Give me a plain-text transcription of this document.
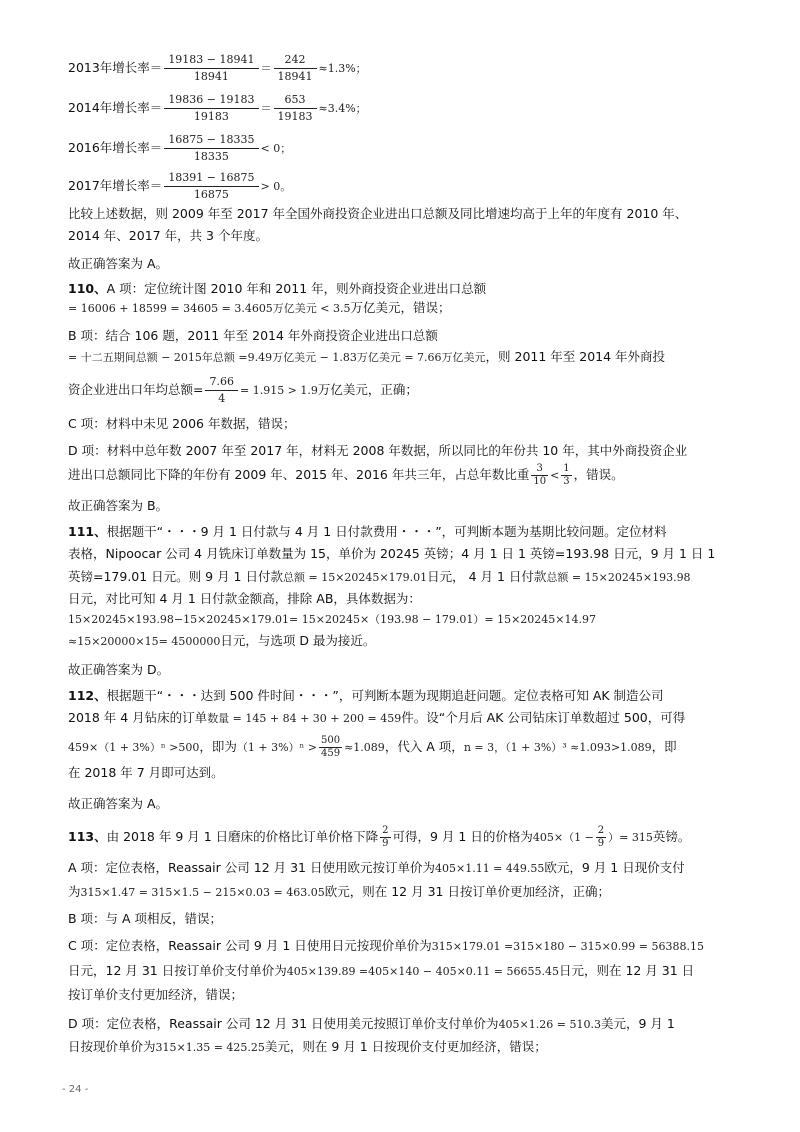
2013年增长率＝ $\frac{19183 - 18941}{18941} = \frac{242}{18941} \approx 1.3\%$；
2014年增长率＝ $\frac{19836 - 19183}{19183} = \frac{653}{19183} \approx 3.4\%$；
2016年增长率＝ $\frac{16875 - 18335}{18335} < 0$；
2017年增长率＝ $\frac{18391 - 16875}{16875} > 0$。
比较上述数据，则 2009 年至 2017 年全国外商投资企业进出口总额及同比增速均高于上年的年度有 2010 年、
2014 年、2017 年，共 3 个年度。
故正确答案为 A。
110、A 项：定位统计图 2010 年和 2011 年，则外商投资企业进出口总额
= 16006 + 18599 = 34605 = 3.4605万亿美元 < 3.5万亿美元，错误；
B 项：结合 106 题，2011 年至 2014 年外商投资企业进出口总额
= 十二五期间总额 − 2015年总额 =9.49万亿美元 − 1.83万亿美元 = 7.66万亿美元，则 2011 年至 2014 年外商投
资企业进出口年均总额= $\frac{7.66}{4} = 1.915 > 1.9$万亿美元，正确；
C 项：材料中未见 2006 年数据，错误；
D 项：材料中总年数 2007 年至 2017 年，材料无 2008 年数据，所以同比的年份共 10 年，其中外商投资企业
进出口总额同比下降的年份有 2009 年、2015 年、2016 年共三年，占总年数比重 $\frac{3}{10} < \frac{1}{3}$ ，错误。
故正确答案为 B。
111、根据题干“・・・9 月 1 日付款与 4 月 1 日付款费用・・・”，可判断本题为基期比较问题。定位材料
表格，Nipoocar 公司 4 月铣床订单数量为 15，单价为 20245 英镑；4 月 1 日 1 英镑=193.98 日元，9 月 1 日 1
英镑=179.01 日元。则 9 月 1 日付款总额 = 15×20245×179.01日元， 4 月 1 日付款总额 = 15×20245×193.98
日元，对比可知 4 月 1 日付款金额高，排除 AB，具体数据为：
15×20245×193.98−15×20245×179.01= 15×20245×（193.98 − 179.01）= 15×20245×14.97
≈15×20000×15= 4500000日元，与选项 D 最为接近。
故正确答案为 D。
112、根据题干“・・・达到 500 件时间・・・”，可判断本题为现期追赶问题。定位表格可知 AK 制造公司
2018 年 4 月钻床的订单数量 = 145 + 84 + 30 + 200 = 459件。设“个月后 AK 公司钻床订单数超过 500，可得
459×（1 + 3%）ⁿ >500，即为$(1 + 3\%)^n > \frac{500}{459} \approx 1.089$，代入 A 项，n = 3，（1 + 3%）³ ≈1.093>1.089，即
在 2018 年 7 月即可达到。
故正确答案为 A。
113、由 2018 年 9 月 1 日磨床的价格比订单价格下降 $\frac{2}{9}$ 可得，9 月 1 日的价格为$405\times(1 - \frac{2}{9}$ ）= 315英镑。
A 项：定位表格，Reassair 公司 12 月 31 日使用欧元按订单价为405×1.11 = 449.55欧元，9 月 1 日现价支付
为315×1.47 = 315×1.5 − 215×0.03 = 463.05欧元，则在 12 月 31 日按订单价更加经济，正确；
B 项：与 A 项相反，错误；
C 项：定位表格，Reassair 公司 9 月 1 日使用日元按现价单价为315×179.01 =315×180 − 315×0.99 = 56388.15
日元，12 月 31 日按订单价支付单价为405×139.89 =405×140 − 405×0.11 = 56655.45日元，则在 12 月 31 日
按订单价支付更加经济，错误；
D 项：定位表格，Reassair 公司 12 月 31 日使用美元按照订单价支付单价为405×1.26 = 510.3美元，9 月 1
日按现价单价为315×1.35 = 425.25美元，则在 9 月 1 日按现价支付更加经济，错误；
- 24 -
